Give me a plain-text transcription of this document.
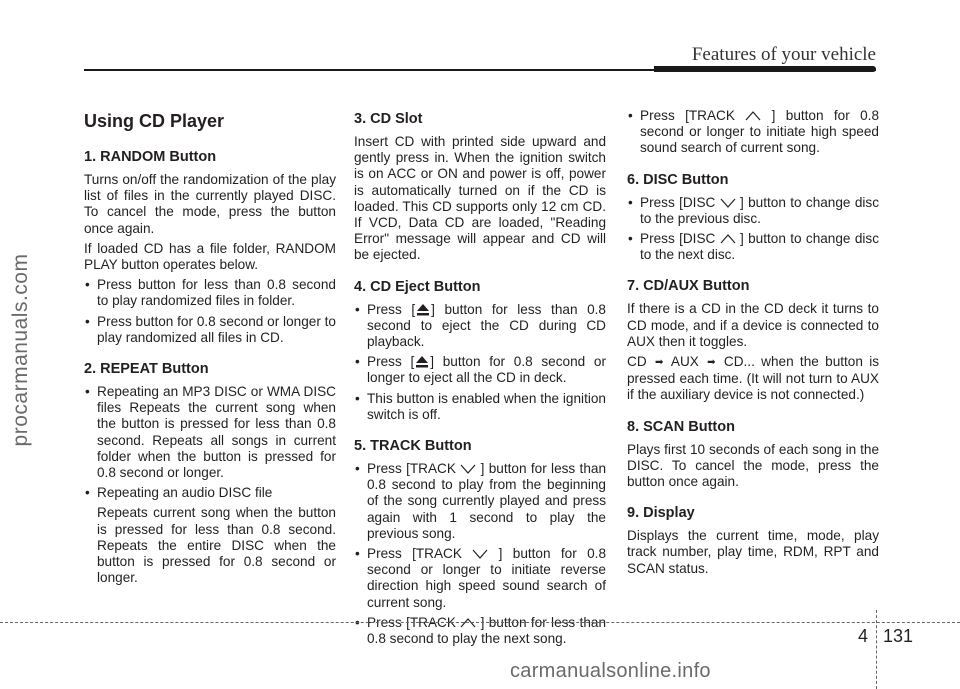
Features of your vehicle
procarmanuals.com
Using CD Player
1. RANDOM Button

Turns on/off the randomization of the play list of files in the currently played DISC. To cancel the mode, press the button once again.

If loaded CD has a file folder, RANDOM PLAY button operates below.

• Press button for less than 0.8 second to play randomized files in folder.
• Press button for 0.8 second or longer to play randomized all files in CD.
2. REPEAT Button
• Repeating an MP3 DISC or WMA DISC files Repeats the current song when the button is pressed for less than 0.8 second. Repeats all songs in current folder when the button is pressed for 0.8 second or longer.
• Repeating an audio DISC file

Repeats current song when the button is pressed for less than 0.8 second. Repeats the entire DISC when the button is pressed for 0.8 second or longer.

3. CD Slot

Insert CD with printed side upward and gently press in. When the ignition switch is on ACC or ON and power is off, power is automatically turned on if the CD is loaded. This CD supports only 12 cm CD. If VCD, Data CD are loaded, "Reading Error" message will appear and CD will be ejected.

4. CD Eject Button
• Press [ ] button for less than 0.8 second to eject the CD during CD playback.
• Press [ ] button for 0.8 second or longer to eject all the CD in deck.
• This button is enabled when the ignition switch is off.
5. TRACK Button
• Press [TRACK ] button for less than 0.8 second to play from the beginning of the song currently played and press again with 1 second to play the previous song.
• Press [TRACK	] button for 0.8 second or longer to initiate reverse direction high speed sound search of current song.
• Press [TRACK ] button for less than 0.8 second to play the next song.
• Press [TRACK	] button for 0.8 second or longer to initiate high speed sound search of current song.
6. DISC Button
• Press [DISC ] button to change disc to the previous disc.
• Press [DISC ] button to change disc to the next disc.
7. CD/AUX Button

If there is a CD in the CD deck it turns to CD mode, and if a device is connected to AUX then it toggles.

CD ➡ AUX ➡ CD... when the button is pressed each time. (It will not turn to AUX if the auxiliary device is not connected.)

8. SCAN Button

Plays first 10 seconds of each song in the DISC. To cancel the mode, press the button once again.

9. Display

Displays the current time, mode, play track number, play time, RDM, RPT and SCAN status.

4 131
carmanualsonline.info
